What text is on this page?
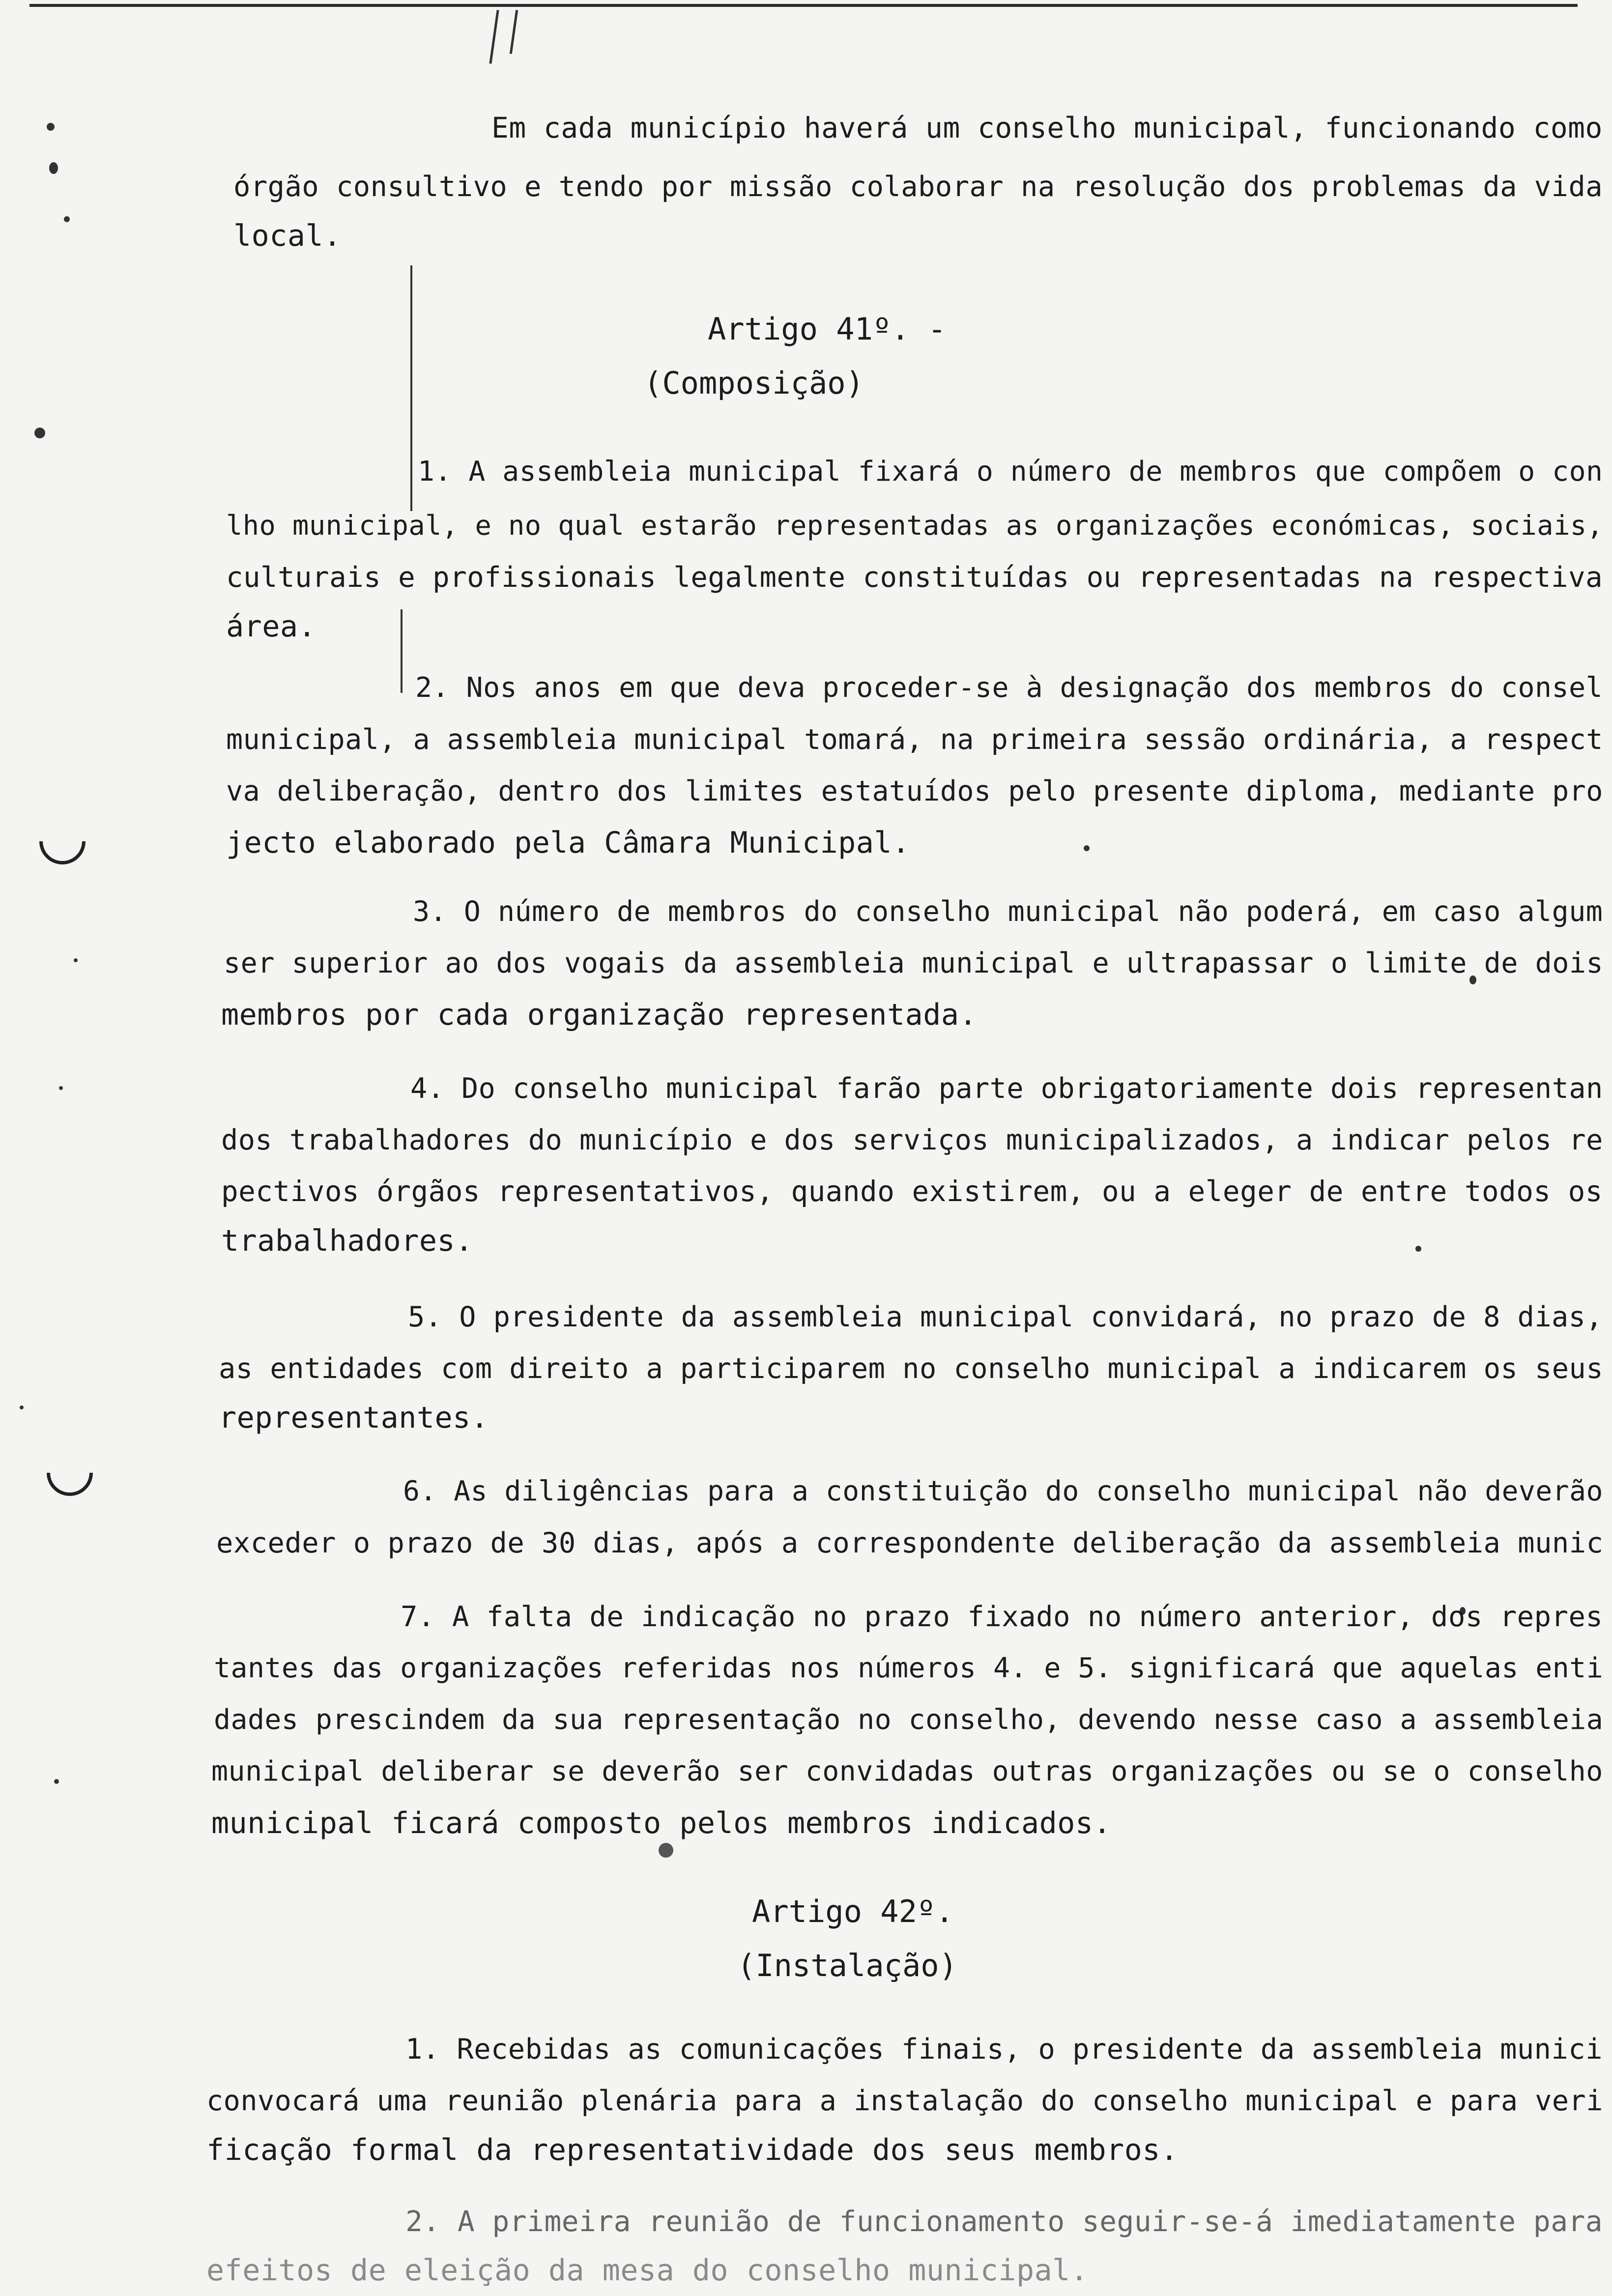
Em cada município haverá um conselho municipal, funcionando como
órgão consultivo e tendo por missão colaborar na resolução dos problemas da vida
local.
Artigo 41º. -
(Composição)
1. A assembleia municipal fixará o número de membros que compõem o con
lho municipal, e no qual estarão representadas as organizações económicas, sociais,
culturais e profissionais legalmente constituídas ou representadas na respectiva
área.
2. Nos anos em que deva proceder-se à designação dos membros do consel
municipal, a assembleia municipal tomará, na primeira sessão ordinária, a respect
va deliberação, dentro dos limites estatuídos pelo presente diploma, mediante pro
jecto elaborado pela Câmara Municipal.
3. O número de membros do conselho municipal não poderá, em caso algum
ser superior ao dos vogais da assembleia municipal e ultrapassar o limite de dois
membros por cada organização representada.
4. Do conselho municipal farão parte obrigatoriamente dois representan
dos trabalhadores do município e dos serviços municipalizados, a indicar pelos re
pectivos órgãos representativos, quando existirem, ou a eleger de entre todos os
trabalhadores.
5. O presidente da assembleia municipal convidará, no prazo de 8 dias,
as entidades com direito a participarem no conselho municipal a indicarem os seus
representantes.
6. As diligências para a constituição do conselho municipal não deverão
exceder o prazo de 30 dias, após a correspondente deliberação da assembleia munic
7. A falta de indicação no prazo fixado no número anterior, dos repres
tantes das organizações referidas nos números 4. e 5. significará que aquelas enti
dades prescindem da sua representação no conselho, devendo nesse caso a assembleia
municipal deliberar se deverão ser convidadas outras organizações ou se o conselho
municipal ficará composto pelos membros indicados.
Artigo 42º.
(Instalação)
1. Recebidas as comunicações finais, o presidente da assembleia munici
convocará uma reunião plenária para a instalação do conselho municipal e para veri
ficação formal da representatividade dos seus membros.
2. A primeira reunião de funcionamento seguir-se-á imediatamente para
efeitos de eleição da mesa do conselho municipal.
